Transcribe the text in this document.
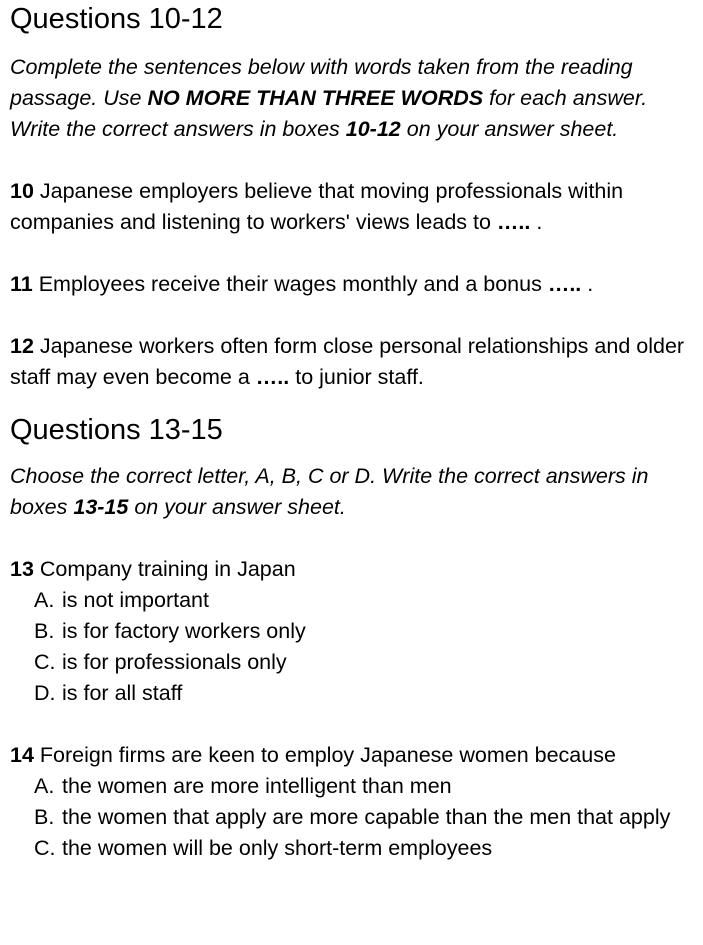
Questions 10-12

Complete the sentences below with words taken from the reading passage. Use NO MORE THAN THREE WORDS for each answer. Write the correct answers in boxes 10-12 on your answer sheet.

10 Japanese employers believe that moving professionals within companies and listening to workers' views leads to ….. .

11 Employees receive their wages monthly and a bonus ….. .

12 Japanese workers often form close personal relationships and older staff may even become a ….. to junior staff.

Questions 13-15

Choose the correct letter, A, B, C or D. Write the correct answers in boxes 13-15 on your answer sheet.

13 Company training in Japan

A. is not important
B. is for factory workers only
C. is for professionals only
D. is for all staff

14 Foreign firms are keen to employ Japanese women because

A. the women are more intelligent than men
B. the women that apply are more capable than the men that apply
C. the women will be only short-term employees
